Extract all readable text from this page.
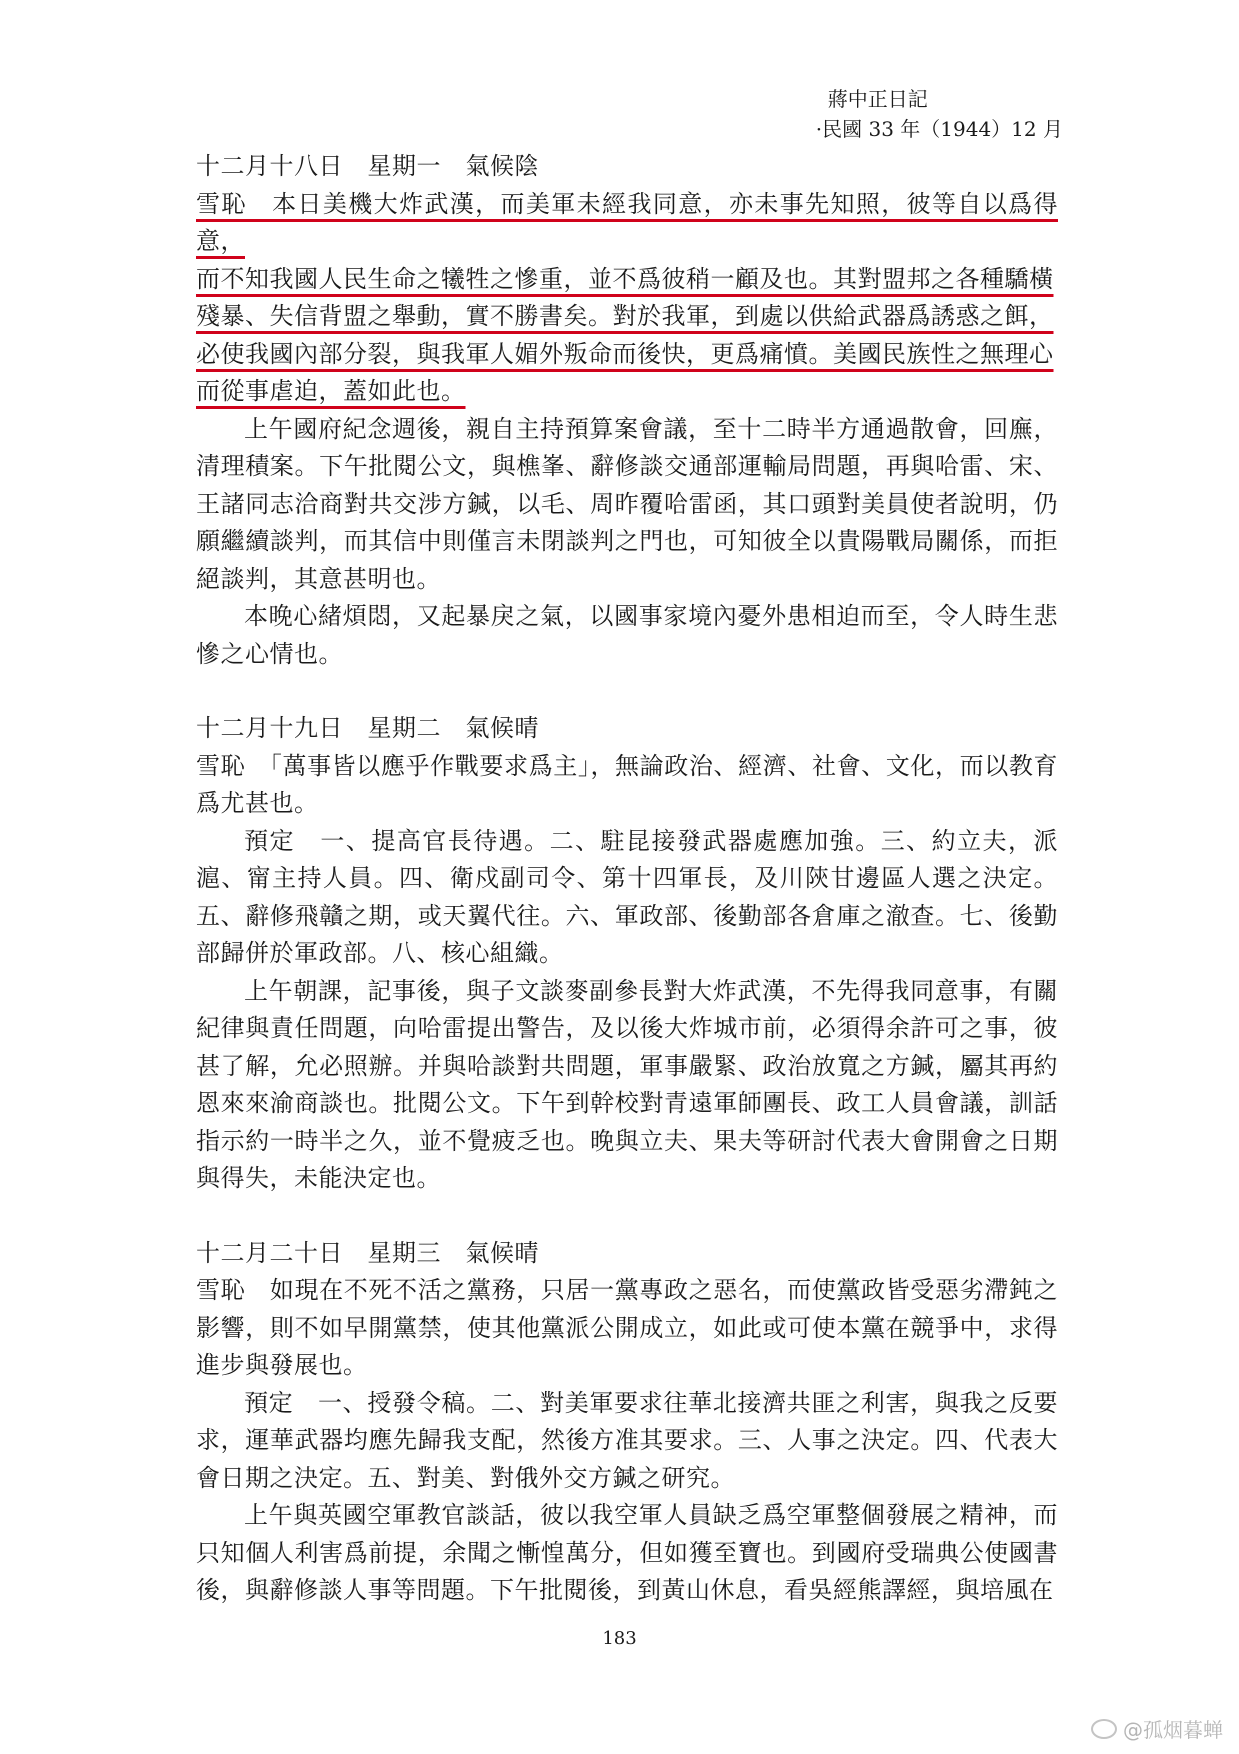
蔣中正日記
·民國 33 年（1944）12 月
十二月十八日　星期一　氣候陰
雪恥　本日美機大炸武漢，而美軍未經我同意，亦未事先知照，彼等自以爲得意，
而不知我國人民生命之犧牲之慘重，並不爲彼稍一顧及也。其對盟邦之各種驕橫
殘暴、失信背盟之舉動，實不勝書矣。對於我軍，到處以供給武器爲誘惑之餌，
必使我國內部分裂，與我軍人媚外叛命而後快，更爲痛憤。美國民族性之無理心
而從事虐迫，蓋如此也。

上午國府紀念週後，親自主持預算案會議，至十二時半方通過散會，回廡，清理積案。下午批閱公文，與樵峯、辭修談交通部運輸局問題，再與哈雷、宋、王諸同志洽商對共交涉方鍼，以毛、周昨覆哈雷函，其口頭對美員使者說明，仍願繼續談判，而其信中則僅言未閉談判之門也，可知彼全以貴陽戰局關係，而拒絕談判，其意甚明也。

本晚心緒煩悶，又起暴戾之氣，以國事家境內憂外患相迫而至，令人時生悲慘之心情也。

十二月十九日　星期二　氣候晴

雪恥　「萬事皆以應乎作戰要求爲主」，無論政治、經濟、社會、文化，而以教育爲尤甚也。

預定　一、提高官長待遇。二、駐昆接發武器處應加強。三、約立夫，派滬、甯主持人員。四、衛戍副司令、第十四軍長，及川陝甘邊區人選之決定。五、辭修飛贛之期，或天翼代往。六、軍政部、後勤部各倉庫之澈查。七、後勤部歸併於軍政部。八、核心組織。

上午朝課，記事後，與子文談麥副參長對大炸武漢，不先得我同意事，有關紀律與責任問題，向哈雷提出警告，及以後大炸城市前，必須得余許可之事，彼甚了解，允必照辦。并與哈談對共問題，軍事嚴緊、政治放寬之方鍼，屬其再約恩來來渝商談也。批閱公文。下午到幹校對青遠軍師團長、政工人員會議，訓話指示約一時半之久，並不覺疲乏也。晚與立夫、果夫等研討代表大會開會之日期與得失，未能決定也。

十二月二十日　星期三　氣候晴

雪恥　如現在不死不活之黨務，只居一黨專政之惡名，而使黨政皆受惡劣滯鈍之影響，則不如早開黨禁，使其他黨派公開成立，如此或可使本黨在競爭中，求得進步與發展也。

預定　一、授發令稿。二、對美軍要求往華北接濟共匪之利害，與我之反要求，運華武器均應先歸我支配，然後方准其要求。三、人事之決定。四、代表大會日期之決定。五、對美、對俄外交方鍼之研究。

上午與英國空軍教官談話，彼以我空軍人員缺乏爲空軍整個發展之精神，而只知個人利害爲前提，余聞之慚惶萬分，但如獲至寶也。到國府受瑞典公使國書後，與辭修談人事等問題。下午批閱後，到黃山休息，看吳經熊譯經，與培風在

183
@孤烟暮蝉
